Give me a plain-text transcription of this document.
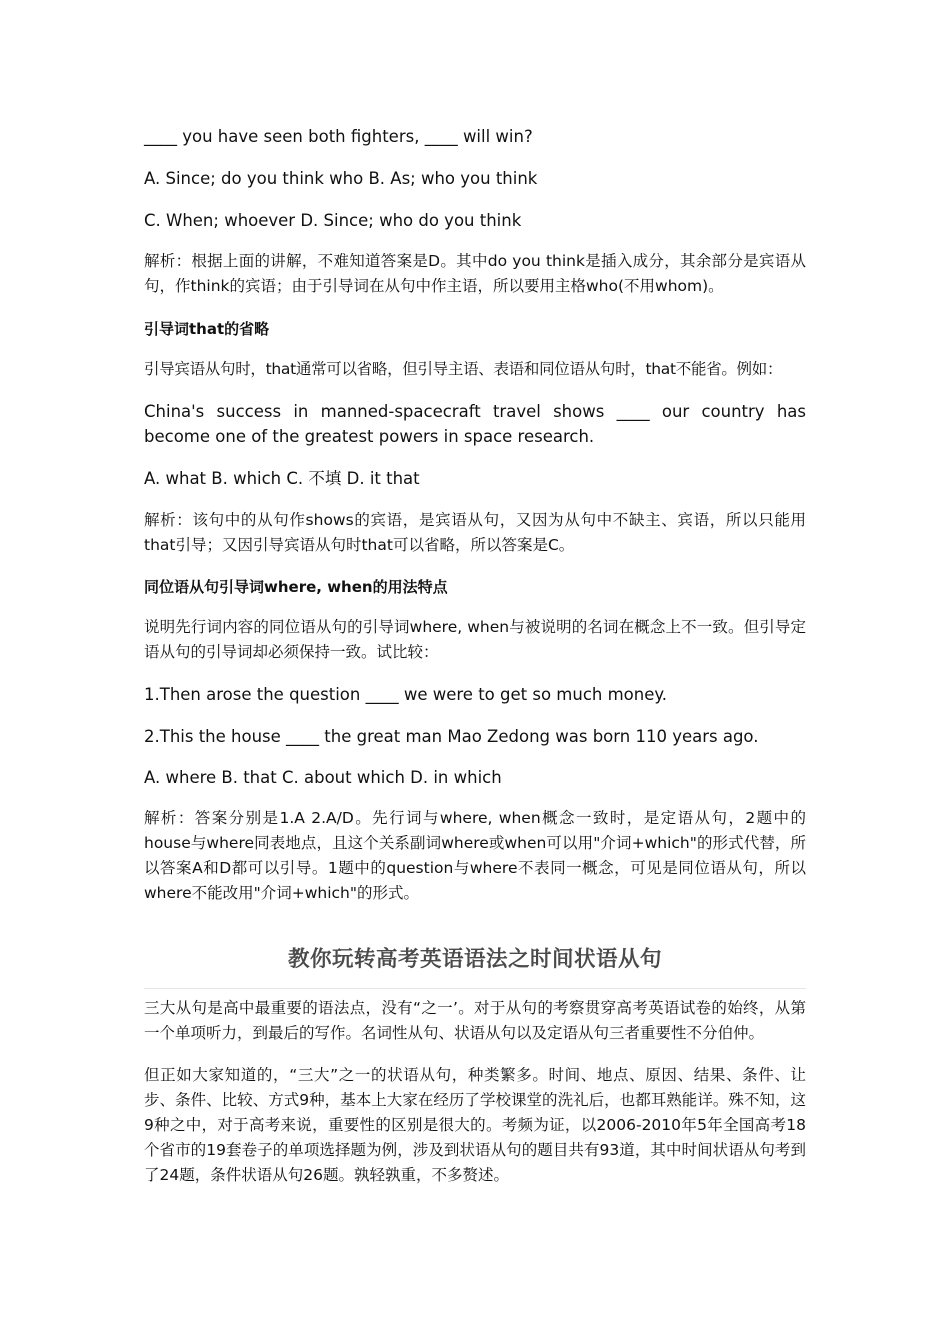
____ you have seen both fighters, ____ will win?

A. Since; do you think who B. As; who you think

C. When; whoever D. Since; who do you think

解析：根据上面的讲解，不难知道答案是D。其中do you think是插入成分，其余部分是宾语从句，作think的宾语；由于引导词在从句中作主语，所以要用主格who(不用whom)。

引导词that的省略

引导宾语从句时，that通常可以省略，但引导主语、表语和同位语从句时，that不能省。例如：

China's success in manned-spacecraft travel shows ____ our country has become one of the greatest powers in space research.

A. what B. which C. 不填 D. it that

解析：该句中的从句作shows的宾语，是宾语从句，又因为从句中不缺主、宾语，所以只能用that引导；又因引导宾语从句时that可以省略，所以答案是C。

同位语从句引导词where, when的用法特点

说明先行词内容的同位语从句的引导词where, when与被说明的名词在概念上不一致。但引导定语从句的引导词却必须保持一致。试比较：

1.Then arose the question ____ we were to get so much money.

2.This the house ____ the great man Mao Zedong was born 110 years ago.

A. where B. that C. about which D. in which

解析：答案分别是1.A 2.A/D。先行词与where, when概念一致时，是定语从句，2题中的house与where同表地点，且这个关系副词where或when可以用"介词+which"的形式代替，所以答案A和D都可以引导。1题中的question与where不表同一概念，可见是同位语从句，所以where不能改用"介词+which"的形式。

教你玩转高考英语语法之时间状语从句

三大从句是高中最重要的语法点，没有“之一’。对于从句的考察贯穿高考英语试卷的始终，从第一个单项听力，到最后的写作。名词性从句、状语从句以及定语从句三者重要性不分伯仲。

但正如大家知道的，“三大”之一的状语从句，种类繁多。时间、地点、原因、结果、条件、让步、条件、比较、方式9种，基本上大家在经历了学校课堂的洗礼后，也都耳熟能详。殊不知，这9种之中，对于高考来说，重要性的区别是很大的。考频为证，以2006-2010年5年全国高考18个省市的19套卷子的单项选择题为例，涉及到状语从句的题目共有93道，其中时间状语从句考到了24题，条件状语从句26题。孰轻孰重，不多赘述。
